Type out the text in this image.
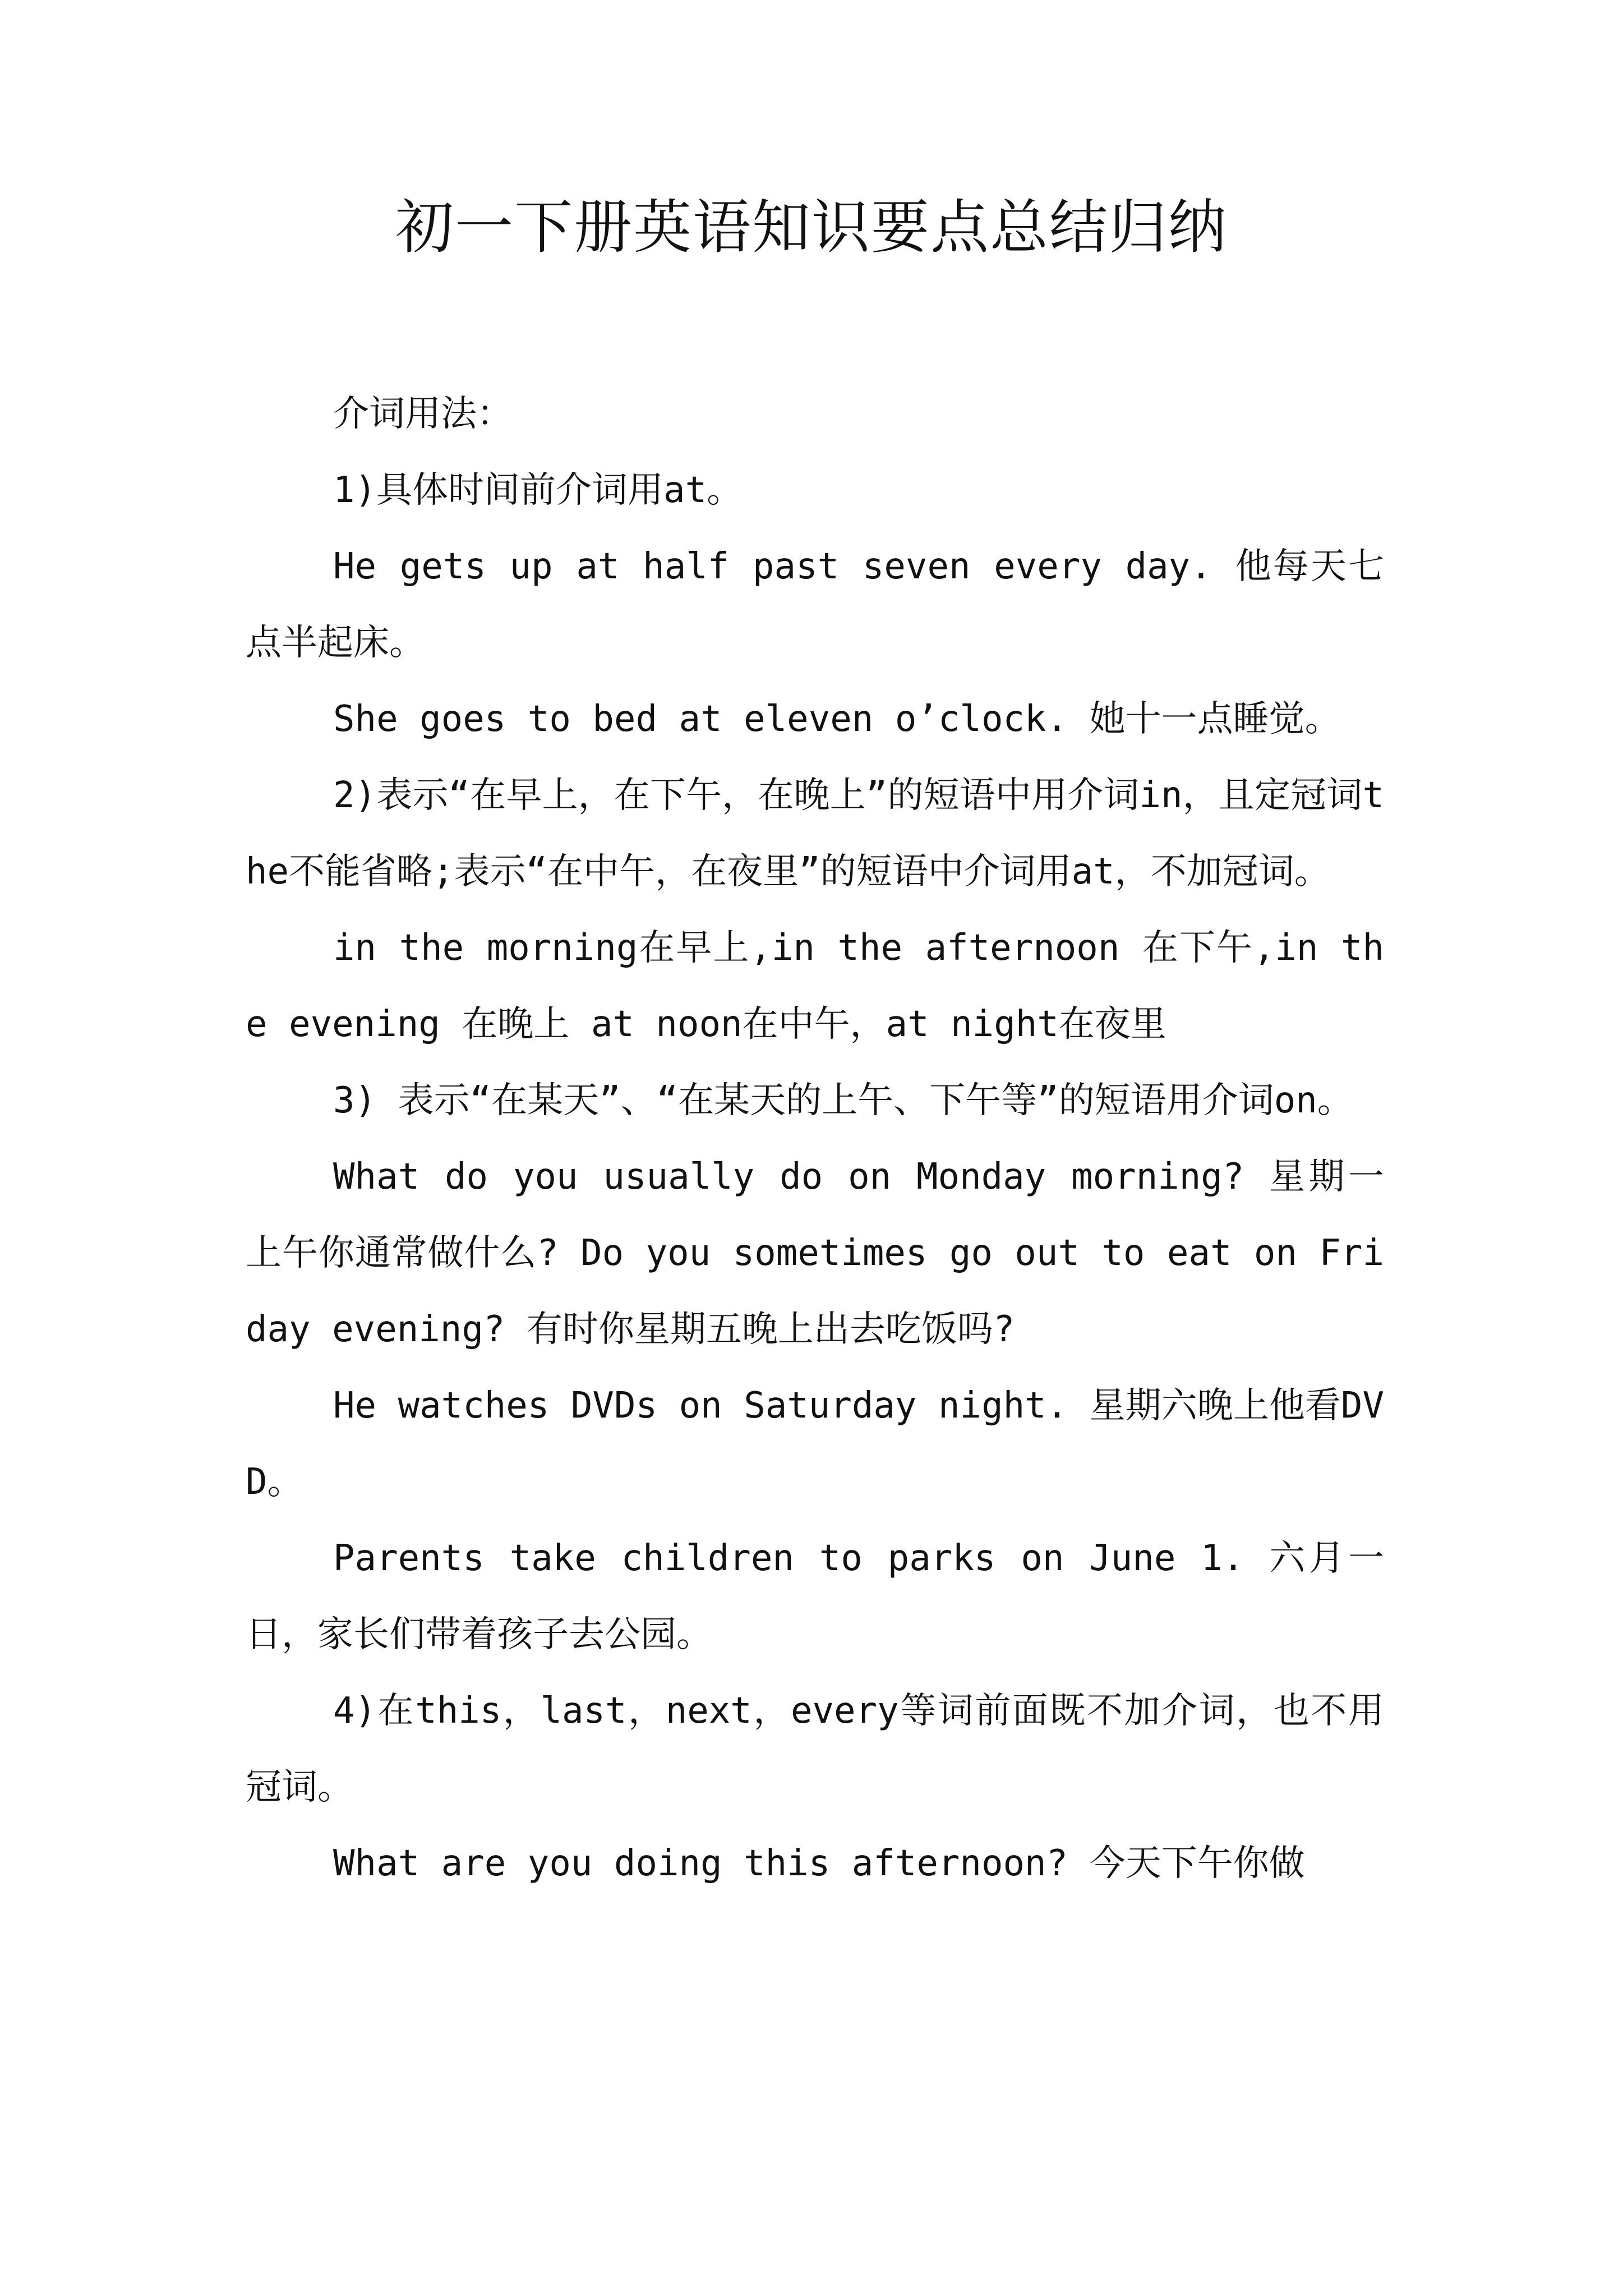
初一下册英语知识要点总结归纳

介词用法：

1)具体时间前介词用at。

He gets up at half past seven every day. 他每天七点半起床。

She goes to bed at eleven o’clock. 她十一点睡觉。

2)表示“在早上，在下午，在晚上”的短语中用介词in，且定冠词the不能省略;表示“在中午，在夜里”的短语中介词用at，不加冠词。

in the morning在早上,in the afternoon 在下午,in the evening 在晚上 at noon在中午，at night在夜里

3) 表示“在某天”、“在某天的上午、下午等”的短语用介词on。

What do you usually do on Monday morning? 星期一上午你通常做什么? Do you sometimes go out to eat on Friday evening? 有时你星期五晚上出去吃饭吗?

He watches DVDs on Saturday night. 星期六晚上他看DVD。

Parents take children to parks on June 1. 六月一日，家长们带着孩子去公园。

4)在this，last，next，every等词前面既不加介词，也不用冠词。

What are you doing this afternoon? 今天下午你做
